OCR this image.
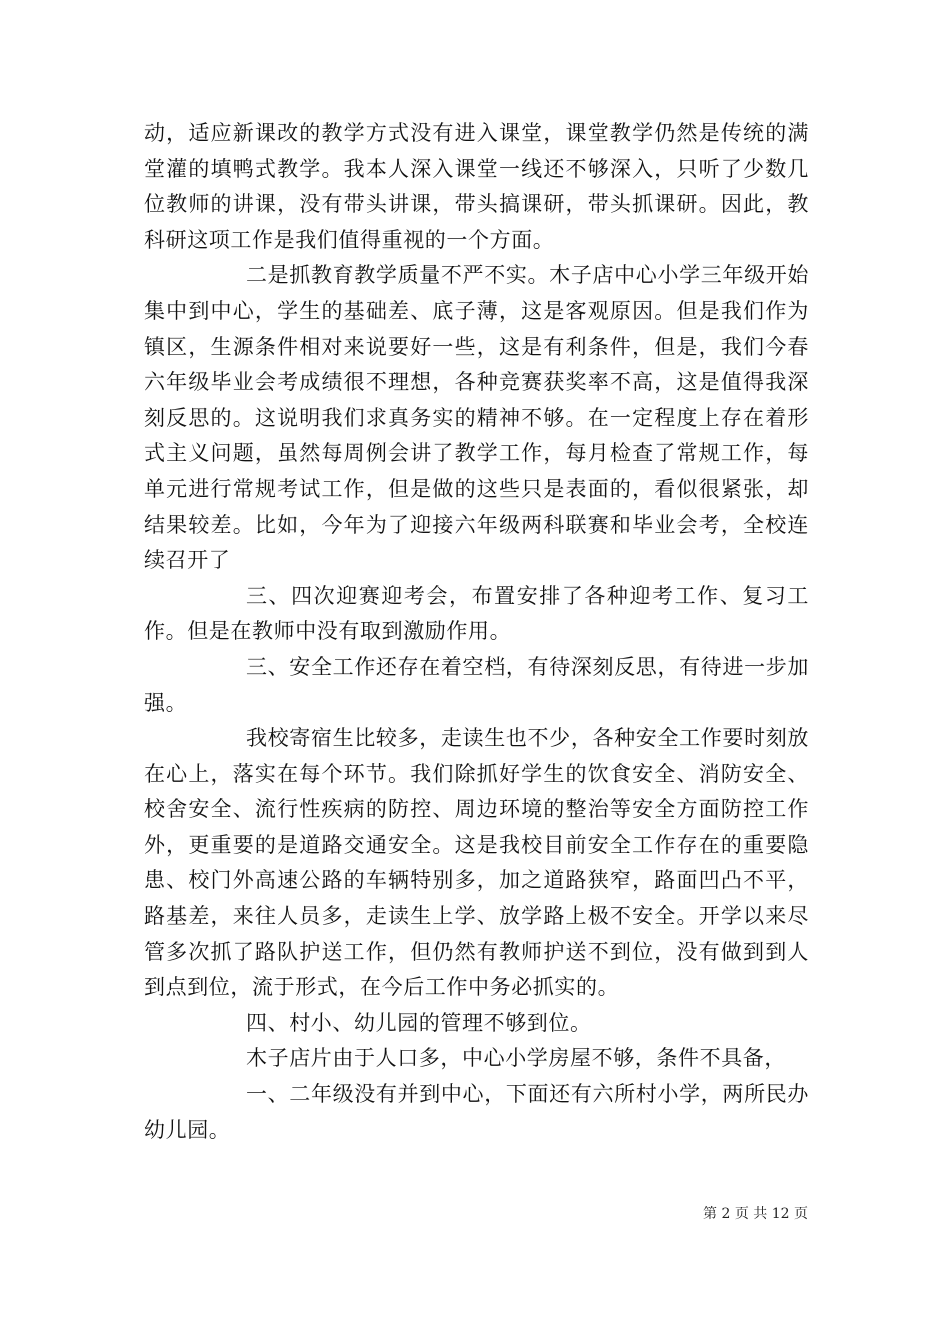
动，适应新课改的教学方式没有进入课堂，课堂教学仍然是传统的满堂灌的填鸭式教学。我本人深入课堂一线还不够深入，只听了少数几位教师的讲课，没有带头讲课，带头搞课研，带头抓课研。因此，教科研这项工作是我们值得重视的一个方面。

二是抓教育教学质量不严不实。木子店中心小学三年级开始集中到中心，学生的基础差、底子薄，这是客观原因。但是我们作为镇区，生源条件相对来说要好一些，这是有利条件，但是，我们今春六年级毕业会考成绩很不理想，各种竞赛获奖率不高，这是值得我深刻反思的。这说明我们求真务实的精神不够。在一定程度上存在着形式主义问题，虽然每周例会讲了教学工作，每月检查了常规工作，每单元进行常规考试工作，但是做的这些只是表面的，看似很紧张，却结果较差。比如，今年为了迎接六年级两科联赛和毕业会考，全校连续召开了

三、四次迎赛迎考会，布置安排了各种迎考工作、复习工作。但是在教师中没有取到激励作用。

三、安全工作还存在着空档，有待深刻反思，有待进一步加强。

我校寄宿生比较多，走读生也不少，各种安全工作要时刻放在心上，落实在每个环节。我们除抓好学生的饮食安全、消防安全、校舍安全、流行性疾病的防控、周边环境的整治等安全方面防控工作外，更重要的是道路交通安全。这是我校目前安全工作存在的重要隐患、校门外高速公路的车辆特别多，加之道路狭窄，路面凹凸不平，路基差，来往人员多，走读生上学、放学路上极不安全。开学以来尽管多次抓了路队护送工作，但仍然有教师护送不到位，没有做到到人到点到位，流于形式，在今后工作中务必抓实的。

四、村小、幼儿园的管理不够到位。

木子店片由于人口多，中心小学房屋不够，条件不具备，

一、二年级没有并到中心，下面还有六所村小学，两所民办幼儿园。

第 2 页 共 12 页
